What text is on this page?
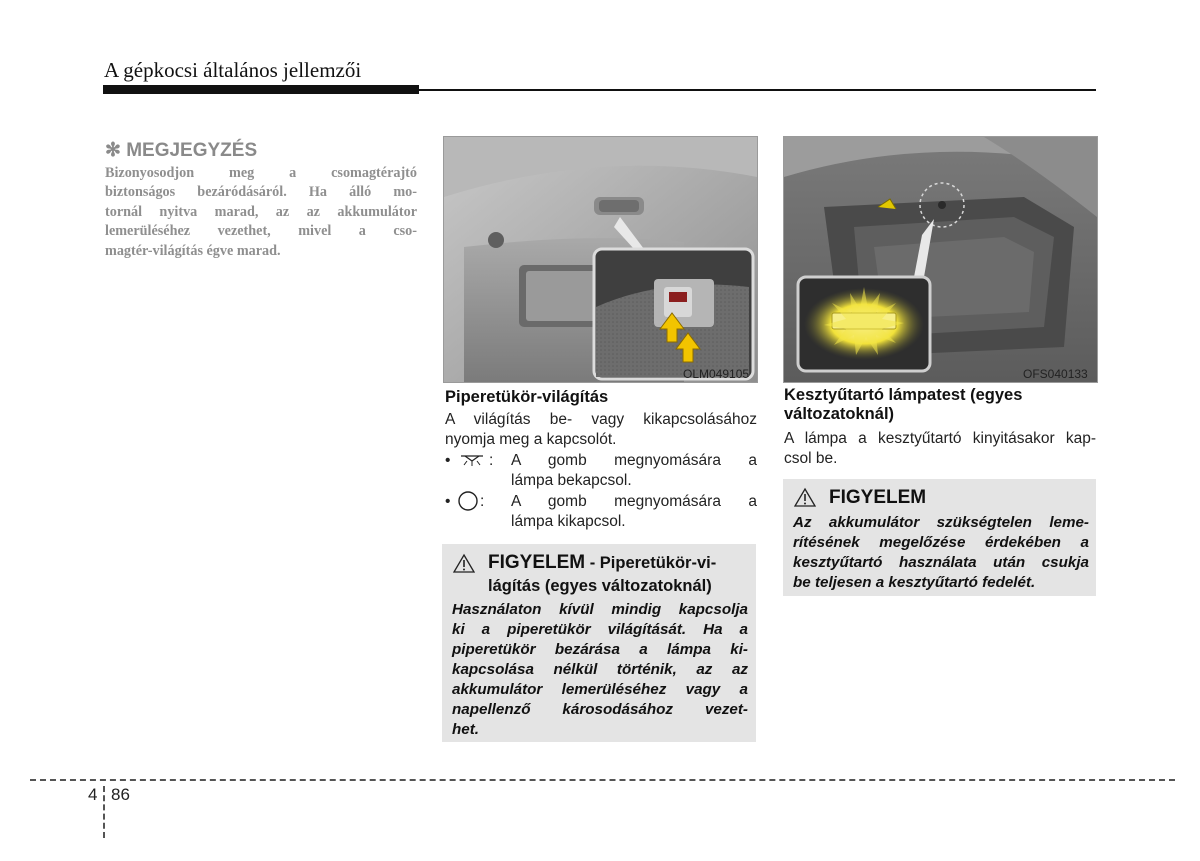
A gépkocsi általános jellemzői
✻ MEGJEGYZÉS
Bizonyosodjon meg a csomagtérajtó
biztonságos bezáródásáról. Ha álló mo-
tornál nyitva marad, az az akkumulátor
lemerüléséhez vezethet, mivel a cso-
magtér-világítás égve marad.
OLM049105	OFS040133
Piperetükör-világítás
A világítás be- vagy kikapcsolásához
nyomja meg a kapcsolót.
• : A gomb megnyomására a
lámpa bekapcsol.
• : A gomb megnyomására a
lámpa kikapcsol.
FIGYELEM - Piperetükör-vi-
lágítás (egyes változatoknál)
Használaton kívül mindig kapcsolja
ki a piperetükör világítását. Ha a
piperetükör bezárása a lámpa ki-
kapcsolása nélkül történik, az az
akkumulátor lemerüléséhez vagy a
napellenző károsodásához vezet-
het.
Kesztyűtartó lámpatest (egyes
változatoknál)
A lámpa a kesztyűtartó kinyitásakor kap-
csol be.
FIGYELEM
Az akkumulátor szükségtelen leme-
rítésének megelőzése érdekében a
kesztyűtartó használata után csukja
be teljesen a kesztyűtartó fedelét.
4 86
